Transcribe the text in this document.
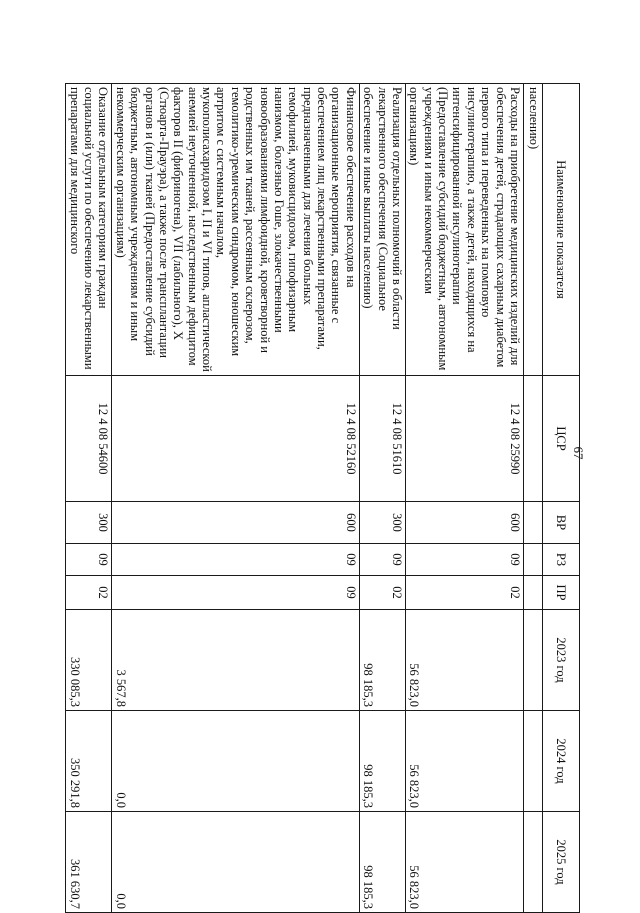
67
Наименование показателя	ЦСР	ВР	РЗ	ПР	2023 год	2024 год	2025 год
населению)							
Расходы на приобретение медицинских изделий для обеспечения детей, страдающих сахарным диабетом первого типа и переведенных на помповую инсулинотерапию, а также детей, находящихся на интенсифицированной инсулинотерапии (Предоставление субсидий бюджетным, автономным учреждениям и иным некоммерческим организациям)	12 4 08 25990	600	09	02	56 823,0	56 823,0	56 823,0
Реализация отдельных полномочий в области лекарственного обеспечения (Социальное обеспечение и иные выплаты населению)	12 4 08 51610	300	09	02	98 185,3	98 185,3	98 185,3
Финансовое обеспечение расходов на организационные мероприятия, связанные с обеспечением лиц лекарственными препаратами, предназначенными для лечения больных гемофилией, муковисцидозом, гипофизарным нанизмом, болезнью Гоше, злокачественными новообразованиями лимфоидной, кроветворной и родственных им тканей, рассеянным склерозом, гемолитико-уремическим синдромом, юношеским артритом с системным началом, мукополисахаридозом I, II и VI типов, апластической анемией неуточненной, наследственным дефицитом факторов II (фибриногена), VII (лабильного), X (Стюарта-Прауэра), а также после трансплантации органов и (или) тканей (Предоставление субсидий бюджетным, автономным учреждениям и иным некоммерческим организациям)	12 4 08 52160	600	09	09	3 567,8	0,0	0,0
Оказание отдельным категориям граждан социальной услуги по обеспечению лекарственными препаратами для медицинского	12 4 08 54600	300	09	02	330 085,3	350 291,8	361 630,7
